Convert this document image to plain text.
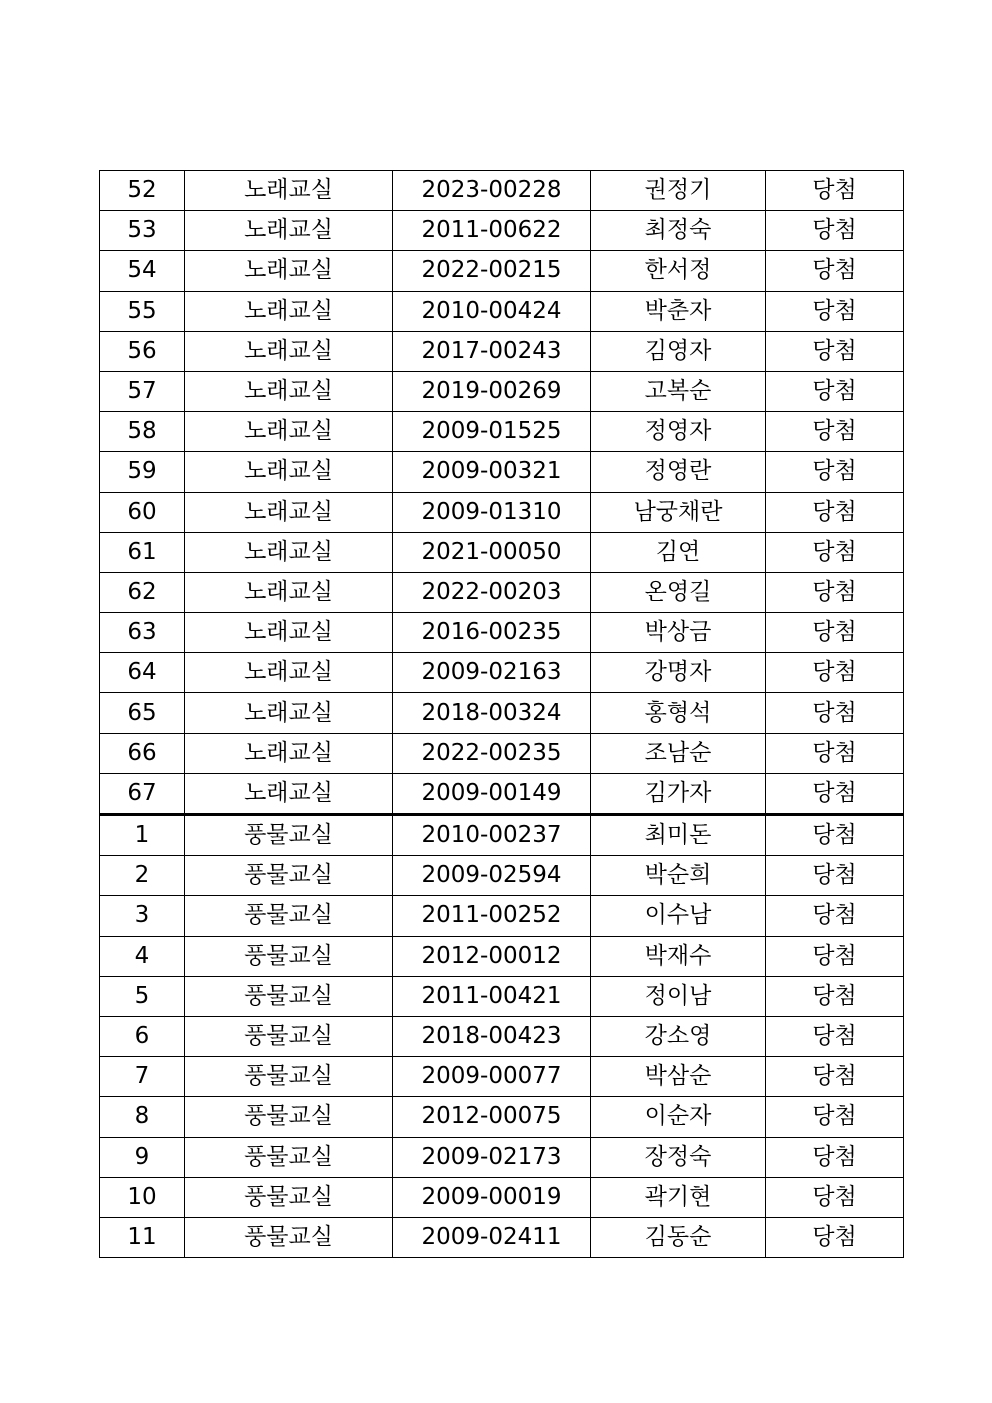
52	노래교실	2023-00228	권정기	당첨
53	노래교실	2011-00622	최정숙	당첨
54	노래교실	2022-00215	한서정	당첨
55	노래교실	2010-00424	박춘자	당첨
56	노래교실	2017-00243	김영자	당첨
57	노래교실	2019-00269	고복순	당첨
58	노래교실	2009-01525	정영자	당첨
59	노래교실	2009-00321	정영란	당첨
60	노래교실	2009-01310	남궁채란	당첨
61	노래교실	2021-00050	김연	당첨
62	노래교실	2022-00203	온영길	당첨
63	노래교실	2016-00235	박상금	당첨
64	노래교실	2009-02163	강명자	당첨
65	노래교실	2018-00324	홍형석	당첨
66	노래교실	2022-00235	조남순	당첨
67	노래교실	2009-00149	김가자	당첨
1	풍물교실	2010-00237	최미돈	당첨
2	풍물교실	2009-02594	박순희	당첨
3	풍물교실	2011-00252	이수남	당첨
4	풍물교실	2012-00012	박재수	당첨
5	풍물교실	2011-00421	정이남	당첨
6	풍물교실	2018-00423	강소영	당첨
7	풍물교실	2009-00077	박삼순	당첨
8	풍물교실	2012-00075	이순자	당첨
9	풍물교실	2009-02173	장정숙	당첨
10	풍물교실	2009-00019	곽기현	당첨
11	풍물교실	2009-02411	김동순	당첨
